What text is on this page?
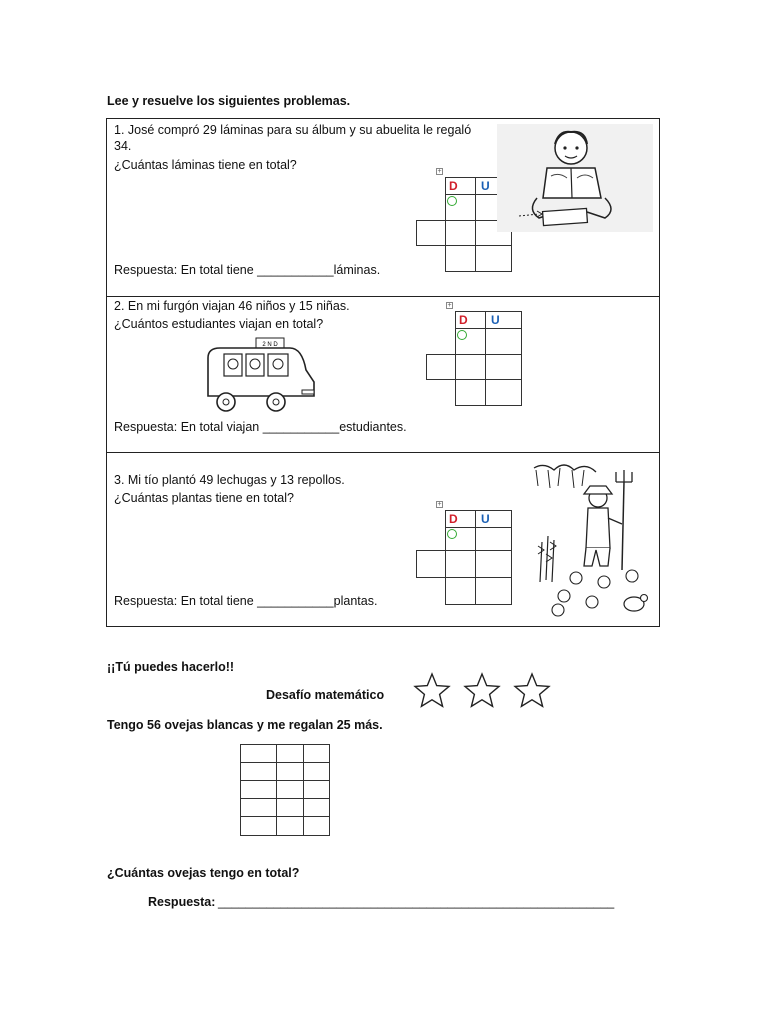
Lee y resuelve los siguientes problemas.
1. José compró 29 láminas para su álbum y su abuelita le regaló
34.
¿Cuántas láminas tiene en total?
Respuesta: En total tiene ___________láminas.
+
D U
2. En mi furgón viajan 46 niños y 15 niñas.
¿Cuántos estudiantes viajan en total?
Respuesta: En total viajan ___________estudiantes.
+
D U
2 N D
3. Mi tío plantó 49 lechugas y 13 repollos.
¿Cuántas plantas tiene en total?
Respuesta: En total tiene ___________plantas.
+
D U
¡¡Tú puedes hacerlo!!
Desafío matemático
Tengo 56 ovejas blancas y me regalan 25 más.
¿Cuántas ovejas tengo en total?
Respuesta: _________________________________________________________
